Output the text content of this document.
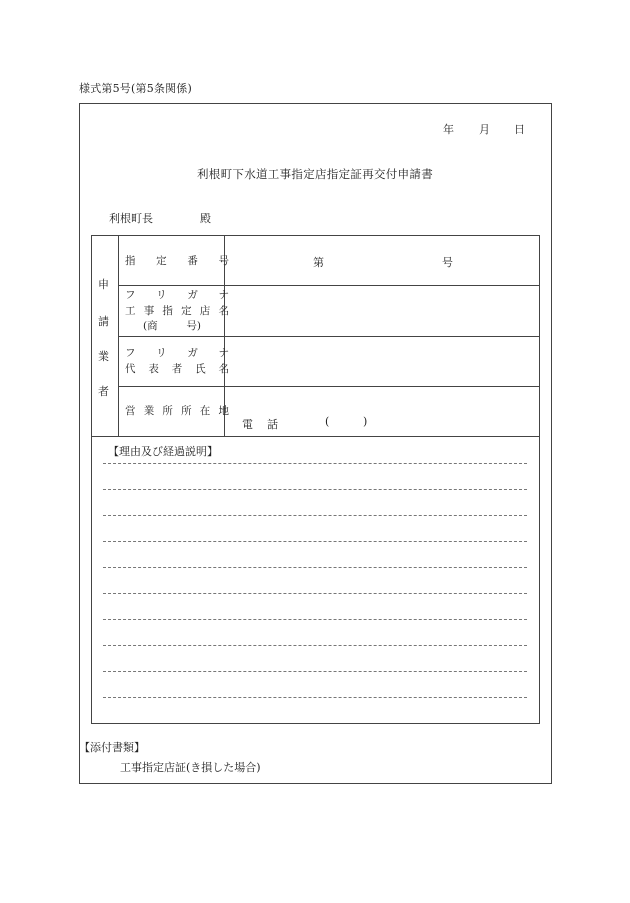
様式第5号(第5条関係)
年 月 日
利根町下水道工事指定店指定証再交付申請書
利根町長	殿
申
請
業
者
指 定 番 号	第	号
フ リ ガ ナ
工 事 指 定 店 名
(商	号)
フ リ ガ ナ
代 表 者 氏 名
営 業 所 所 在 地
電 話	(	)
【理由及び経過説明】
【添付書類】
工事指定店証(き損した場合)
